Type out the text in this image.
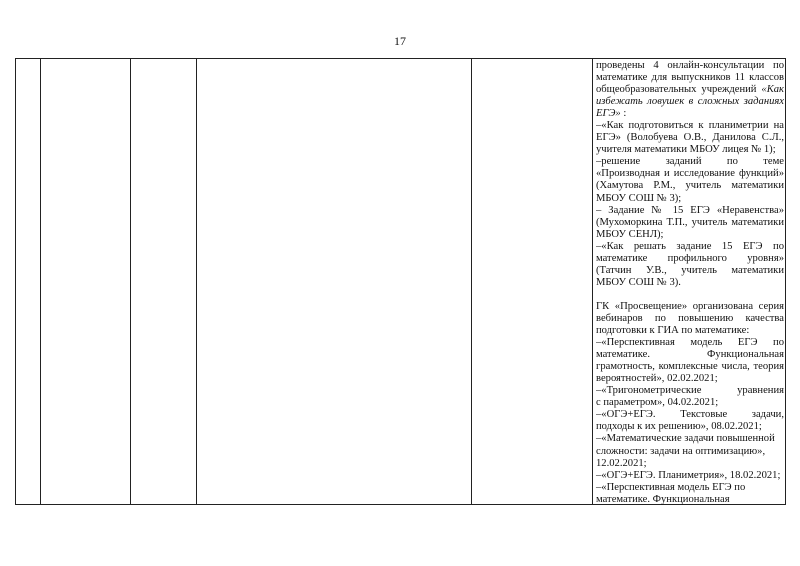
17
проведены 4 онлайн-консультации по
математике для выпускников 11 классов
общеобразовательных учреждений «Как
избежать ловушек в сложных заданиях
ЕГЭ» :
–«Как подготовиться к планиметрии на
ЕГЭ» (Волобуева О.В., Данилова С.Л.,
учителя математики МБОУ лицея № 1);
–решение заданий по теме
«Производная и исследование функций»
(Хамутова Р.М., учитель математики
МБОУ СОШ № 3);
– Задание № 15 ЕГЭ «Неравенства»
(Мухоморкина Т.П., учитель математики
МБОУ СЕНЛ);
–«Как решать задание 15 ЕГЭ по
математике профильного уровня»
(Татчин У.В., учитель математики
МБОУ СОШ № 3).
ГК «Просвещение» организована серия
вебинаров по повышению качества
подготовки к ГИА по математике:
–«Перспективная модель ЕГЭ по
математике. Функциональная
грамотность, комплексные числа, теория
вероятностей», 02.02.2021;
–«Тригонометрические уравнения
с параметром», 04.02.2021;
–«ОГЭ+ЕГЭ. Текстовые задачи,
подходы к их решению», 08.02.2021;
–«Математические задачи повышенной
сложности: задачи на оптимизацию»,
12.02.2021;
–«ОГЭ+ЕГЭ. Планиметрия», 18.02.2021;
–«Перспективная модель ЕГЭ по
математике. Функциональная
